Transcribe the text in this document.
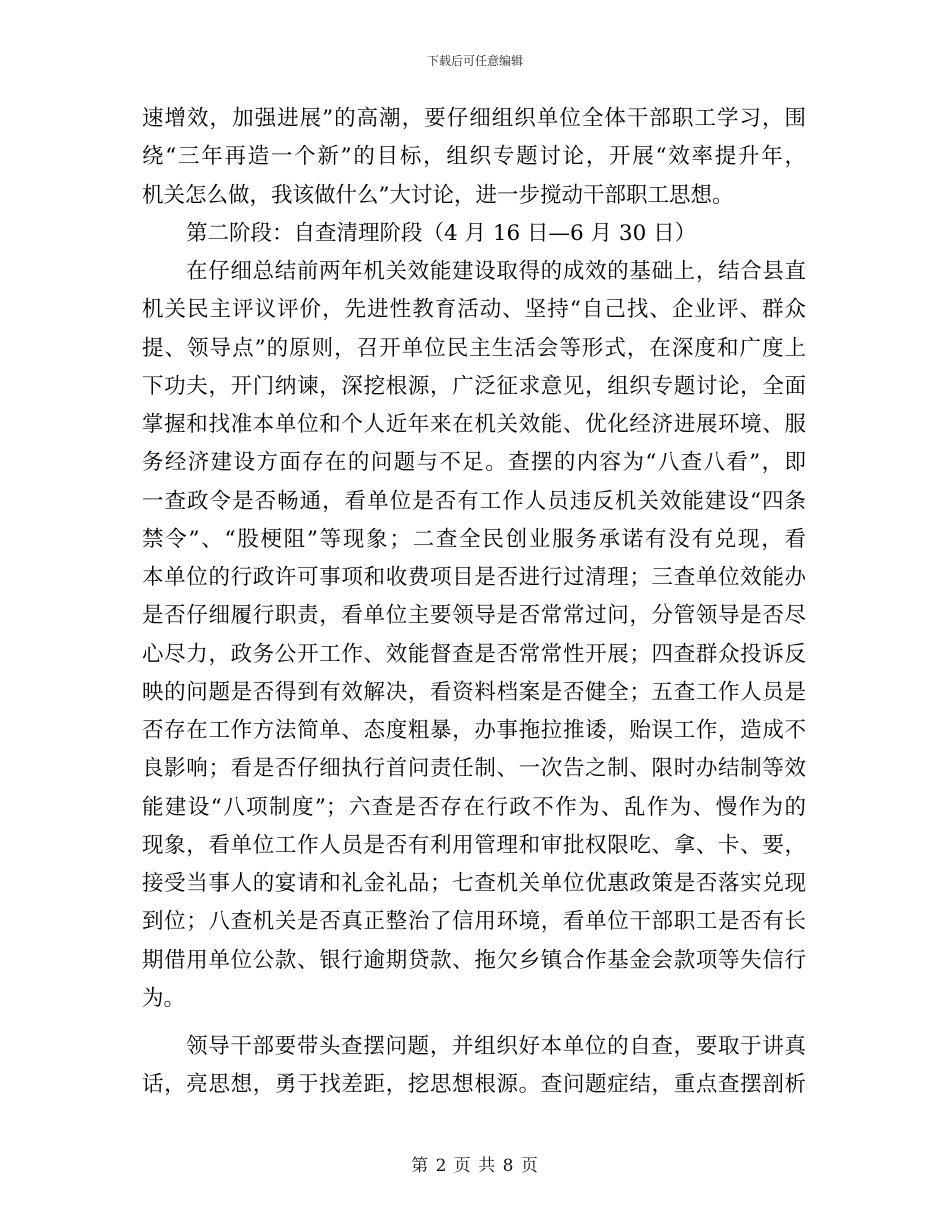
下载后可任意编辑
速增效，加强进展”的高潮，要仔细组织单位全体干部职工学习，围
绕“三年再造一个新”的目标，组织专题讨论，开展“效率提升年，
机关怎么做，我该做什么”大讨论，进一步搅动干部职工思想。
第二阶段：自查清理阶段（4 月 16 日—6 月 30 日）
在仔细总结前两年机关效能建设取得的成效的基础上，结合县直
机关民主评议评价，先进性教育活动、坚持“自己找、企业评、群众
提、领导点”的原则，召开单位民主生活会等形式，在深度和广度上
下功夫，开门纳谏，深挖根源，广泛征求意见，组织专题讨论，全面
掌握和找准本单位和个人近年来在机关效能、优化经济进展环境、服
务经济建设方面存在的问题与不足。查摆的内容为“八查八看”，即
一查政令是否畅通，看单位是否有工作人员违反机关效能建设“四条
禁令”、“股梗阻”等现象；二查全民创业服务承诺有没有兑现，看
本单位的行政许可事项和收费项目是否进行过清理；三查单位效能办
是否仔细履行职责，看单位主要领导是否常常过问，分管领导是否尽
心尽力，政务公开工作、效能督查是否常常性开展；四查群众投诉反
映的问题是否得到有效解决，看资料档案是否健全；五查工作人员是
否存在工作方法简单、态度粗暴，办事拖拉推诿，贻误工作，造成不
良影响；看是否仔细执行首问责任制、一次告之制、限时办结制等效
能建设“八项制度”；六查是否存在行政不作为、乱作为、慢作为的
现象，看单位工作人员是否有利用管理和审批权限吃、拿、卡、要，
接受当事人的宴请和礼金礼品；七查机关单位优惠政策是否落实兑现
到位；八查机关是否真正整治了信用环境，看单位干部职工是否有长
期借用单位公款、银行逾期贷款、拖欠乡镇合作基金会款项等失信行
为。
领导干部要带头查摆问题，并组织好本单位的自查，要取于讲真
话，亮思想，勇于找差距，挖思想根源。查问题症结，重点查摆剖析
第 2 页 共 8 页
